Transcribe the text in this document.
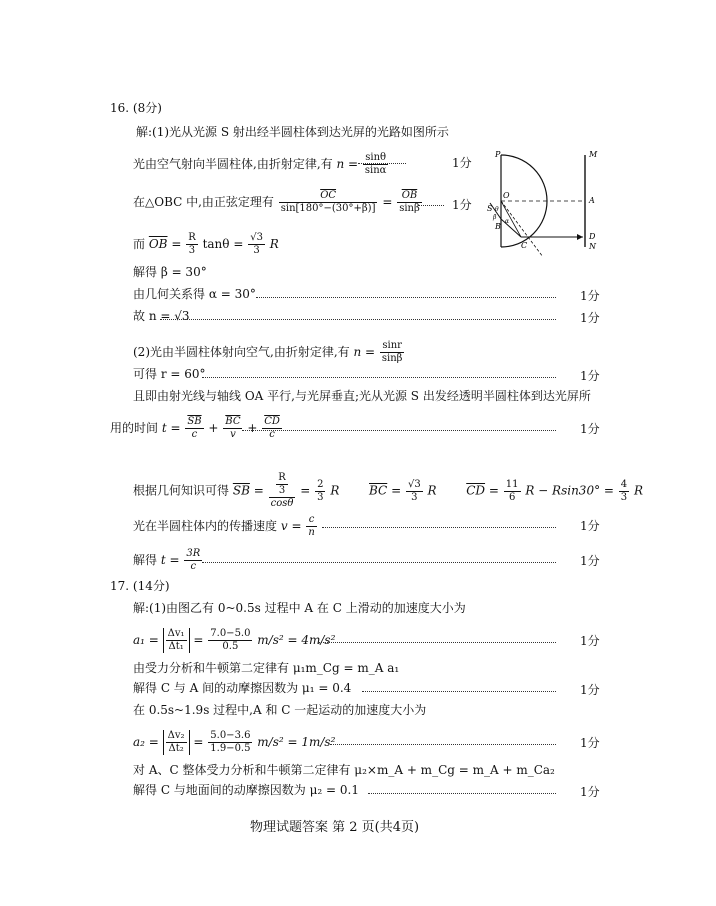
16. (8分)
解:(1)光从光源 S 射出经半圆柱体到达光屏的光路如图所示
光由空气射向半圆柱体,由折射定律,有 $n = \frac{\sin\theta}{\sin\alpha}$	1分
在△OBC 中,由正弦定理有 $\frac{\overline{OC}}{\sin[180^\circ-(30^\circ+\beta)]} = \frac{\overline{OB}}{\sin\beta}$	1分
而 $\overline{OB} = \frac{R}{3}$ $\tan\theta = \frac{√3}{3}$ R
解得 β = 30°
由几何关系得 α = 30°	1分
故 n = √3	1分
(2)光由半圆柱体射向空气,由折射定律,有 $n = \frac{\sin r}{\sin\beta}$
可得 r = 60°	1分
且即由射光线与轴线 OA 平行,与光屏垂直;光从光源 S 出发经透明半圆柱体到达光屏所
用的时间 $t = \frac{\overline{SB}}{c} + \frac{\overline{BC}}{v} + \frac{\overline{CD}}{c}$	1分
根据几何知识可得 $\overline{SB} = \frac{\frac{R}{3}}{\cos\theta} = \frac{2}{3}$ R $\overline{BC} = \frac{√3}{3}$ R $\overline{CD} = \frac{11}{6}$ $R - Rsin30^\circ = \frac{4}{3}$ R
光在半圆柱体内的传播速度 $v = \frac{c}{n}$	1分
解得 $t = \frac{3R}{c}$	1分
P	M
O
A
S θ
β
α
B
C
D
N
17. (14分)
解:(1)由图乙有 0~0.5s 过程中 A 在 C 上滑动的加速度大小为
$a_1 = \frac{\text{Δv₁}}{\text{Δt₁}} = \frac{7.0-5.0}{0.5} m/s^2 = 4m/s^2$	1分
由受力分析和牛顿第二定律有 μ₁m_Cg = m_A a₁
解得 C 与 A 间的动摩擦因数为 μ₁ = 0.4	1分
在 0.5s~1.9s 过程中,A 和 C 一起运动的加速度大小为
$a_2 = \frac{\text{Δv₂}}{\text{Δt₂}} = \frac{5.0-3.6}{1.9-0.5} m/s^2 = 1m/s^2$	1分
对 A、C 整体受力分析和牛顿第二定律有 μ₂×m_A + m_Cg = m_A + m_Ca₂
解得 C 与地面间的动摩擦因数为 μ₂ = 0.1	1分
物理试题答案 第 2 页(共4页)
